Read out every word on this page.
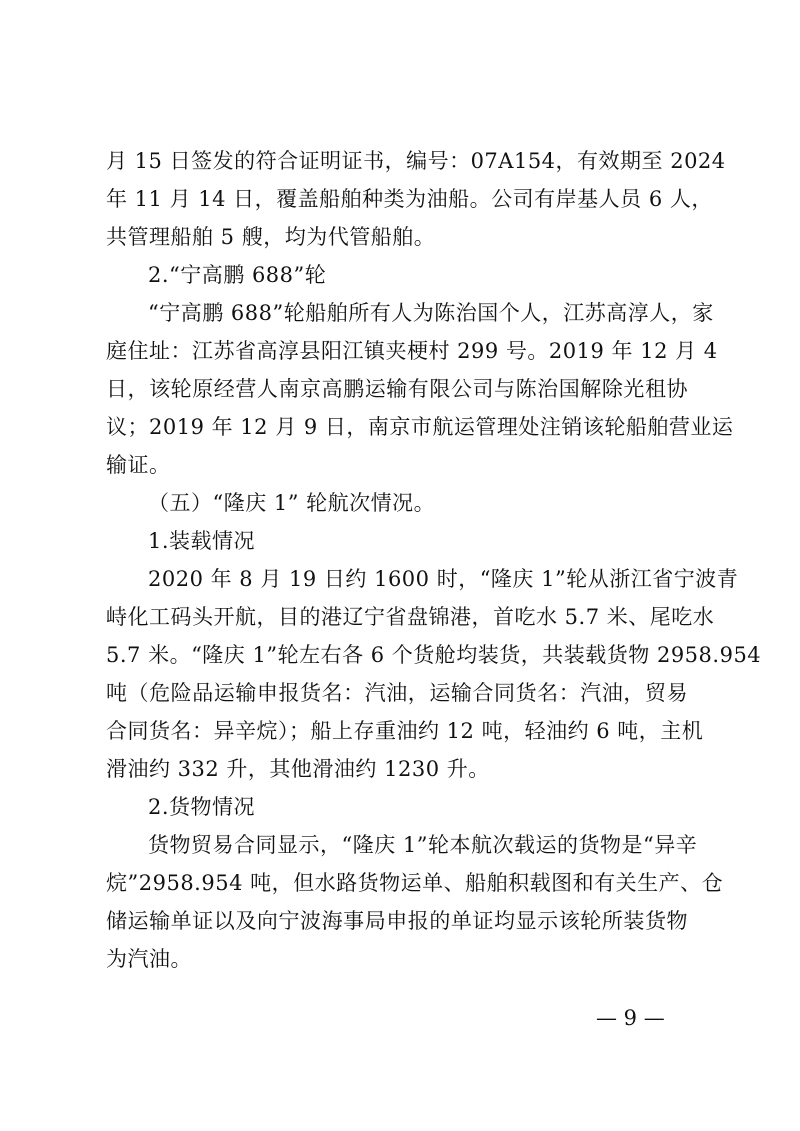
月 15 日签发的符合证明证书，编号：07A154，有效期至 2024
年 11 月 14 日，覆盖船舶种类为油船。公司有岸基人员 6 人，
共管理船舶 5 艘，均为代管船舶。
2.“宁高鹏 688”轮
“宁高鹏 688”轮船舶所有人为陈治国个人，江苏高淳人，家
庭住址：江苏省高淳县阳江镇夹梗村 299 号。2019 年 12 月 4
日，该轮原经营人南京高鹏运输有限公司与陈治国解除光租协
议；2019 年 12 月 9 日，南京市航运管理处注销该轮船舶营业运
输证。
（五）“隆庆 1” 轮航次情况。
1.装载情况
2020 年 8 月 19 日约 1600 时，“隆庆 1”轮从浙江省宁波青
峙化工码头开航，目的港辽宁省盘锦港，首吃水 5.7 米、尾吃水
5.7 米。“隆庆 1”轮左右各 6 个货舱均装货，共装载货物 2958.954
吨（危险品运输申报货名：汽油，运输合同货名：汽油，贸易
合同货名：异辛烷）；船上存重油约 12 吨，轻油约 6 吨，主机
滑油约 332 升，其他滑油约 1230 升。
2.货物情况
货物贸易合同显示，“隆庆 1”轮本航次载运的货物是“异辛
烷”2958.954 吨，但水路货物运单、船舶积载图和有关生产、仓
储运输单证以及向宁波海事局申报的单证均显示该轮所装货物
为汽油。
— 9 —
